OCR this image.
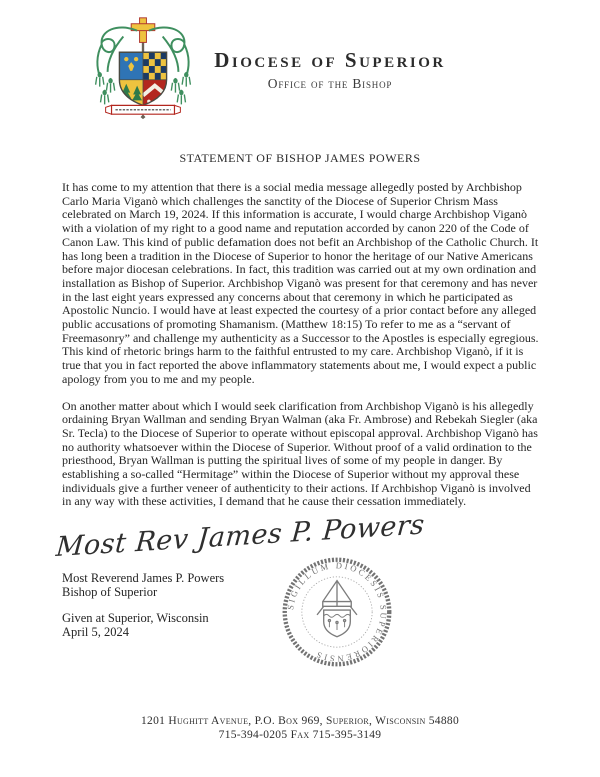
Diocese of Superior
Office of the Bishop
STATEMENT OF BISHOP JAMES POWERS

It has come to my attention that there is a social media message allegedly posted by Archbishop Carlo Maria Viganò which challenges the sanctity of the Diocese of Superior Chrism Mass celebrated on March 19, 2024. If this information is accurate, I would charge Archbishop Viganò with a violation of my right to a good name and reputation accorded by canon 220 of the Code of Canon Law. This kind of public defamation does not befit an Archbishop of the Catholic Church. It has long been a tradition in the Diocese of Superior to honor the heritage of our Native Americans before major diocesan celebrations. In fact, this tradition was carried out at my own ordination and installation as Bishop of Superior. Archbishop Viganò was present for that ceremony and has never in the last eight years expressed any concerns about that ceremony in which he participated as Apostolic Nuncio. I would have at least expected the courtesy of a prior contact before any alleged public accusations of promoting Shamanism. (Matthew 18:15) To refer to me as a “servant of Freemasonry” and challenge my authenticity as a Successor to the Apostles is especially egregious. This kind of rhetoric brings harm to the faithful entrusted to my care. Archbishop Viganò, if it is true that you in fact reported the above inflammatory statements about me, I would expect a public apology from you to me and my people.

On another matter about which I would seek clarification from Archbishop Viganò is his allegedly ordaining Bryan Wallman and sending Bryan Walman (aka Fr. Ambrose) and Rebekah Siegler (aka Sr. Tecla) to the Diocese of Superior to operate without episcopal approval. Archbishop Viganò has no authority whatsoever within the Diocese of Superior. Without proof of a valid ordination to the priesthood, Bryan Wallman is putting the spiritual lives of some of my people in danger. By establishing a so-called “Hermitage” within the Diocese of Superior without my approval these individuals give a further veneer of authenticity to their actions. If Archbishop Viganò is involved in any way with these activities, I demand that he cause their cessation immediately.

Most Rev James P. Powers
Most Reverend James P. Powers
Bishop of Superior
Given at Superior, Wisconsin
April 5, 2024
SIGILLUM DIOCESIS SUPERIORENSIS
1201 Hughitt Avenue, P.O. Box 969, Superior, Wisconsin 54880
715-394-0205 Fax 715-395-3149
